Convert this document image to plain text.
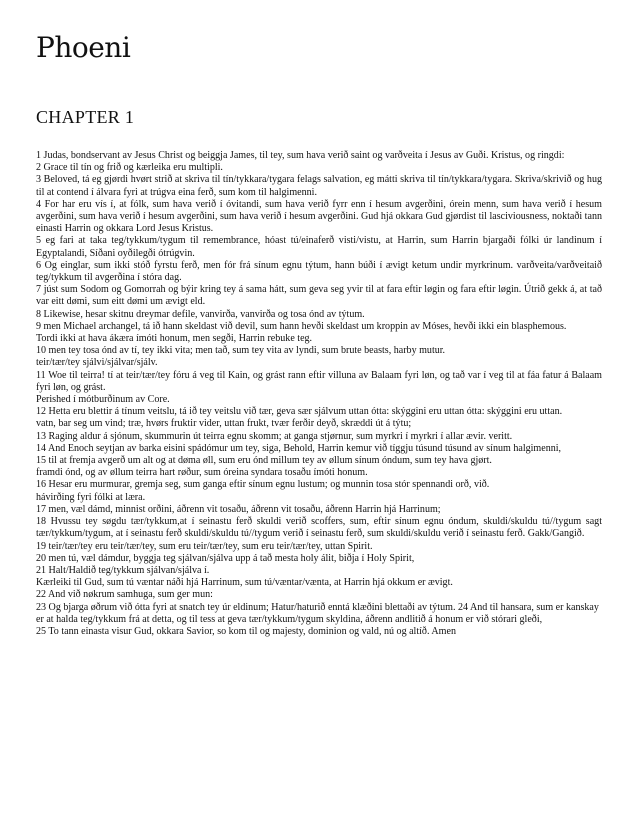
Phoeni
CHAPTER 1

1 Judas, bondservant av Jesus Christ og beiggja James, til tey, sum hava verið saint og varðveita í Jesus av Guði. Kristus, og ringdi:

2 Grace til tín og frið og kærleika eru multipli.

3 Beloved, tá eg gjørdi hvørt strið at skriva til tín/tykkara/tygara felags salvation, eg mátti skriva til tín/tykkara/tygara. Skriva/skrivið og hug til at contend í álvara fyri at trúgva eina ferð, sum kom til halgimenni.

4 For har eru vís í, at fólk, sum hava verið í óvitandi, sum hava verið fyrr enn í hesum avgerðini, órein menn, sum hava verið í hesum avgerðini, sum hava verið í hesum avgerðini, sum hava verið í hesum avgerðini. Gud hjá okkara Gud gjørdist til lasciviousness, noktaði tann einasti Harrin og okkara Lord Jesus Kristus.

5 eg fari at taka teg/tykkum/tygum til remembrance, hóast tú/einaferð visti/vistu, at Harrin, sum Harrin bjargaði fólki úr landinum í Egyptalandi, Síðani oyðilegði ótrúgvin.

6 Og einglar, sum ikki stóð fyrstu ferð, men fór frá sínum egnu týtum, hann búði í ævigt ketum undir myrkrinum. varðveita/varðveitaið teg/tykkum til avgerðina í stóra dag.

7 júst sum Sodom og Gomorrah og býir kring tey á sama hátt, sum geva seg yvir til at fara eftir løgin og fara eftir løgin. Útrið gekk á, at tað var eitt dømi, sum eitt dømi um ævigt eld.

8 Likewise, hesar skitnu dreymar defile, vanvirða, vanvirða og tosa ónd av týtum.

9 men Michael archangel, tá ið hann skeldast við devil, sum hann hevði skeldast um kroppin av Móses, hevði ikki ein blasphemous.

Tordi ikki at hava ákæra ímóti honum, men segði, Harrin rebuke teg.

10 men tey tosa ónd av tí, tey ikki vita; men tað, sum tey vita av lyndi, sum brute beasts, harby mutur.

teir/tær/tey sjálvi/sjálvar/sjálv.

11 Woe til teirra! tí at teir/tær/tey fóru á veg til Kain, og grást rann eftir villuna av Balaam fyri løn, og tað var í veg til at fáa fatur á Balaam fyri løn, og grást.

Perished í mótburðinum av Core.

12 Hetta eru blettir á tínum veitslu, tá ið tey veitslu við tær, geva sær sjálvum uttan ótta: skýggini eru uttan ótta: skýggini eru uttan.

vatn, bar seg um vind; træ, hvørs fruktir vider, uttan frukt, tvær ferðir deyð, skræddi út á týtu;

13 Raging aldur á sjónum, skummurin út teirra egnu skomm; at ganga stjørnur, sum myrkri í myrkri í allar ævir. veritt.

14 And Enoch seytjan av barka eisini spádómur um tey, siga, Behold, Harrin kemur við tíggju túsund túsund av sínum halgimenni,

15 til at fremja avgerð um alt og at døma øll, sum eru ónd millum tey av øllum sínum óndum, sum tey hava gjørt.

framdi ónd, og av øllum teirra hart røður, sum óreina syndara tosaðu ímóti honum.

16 Hesar eru murmurar, gremja seg, sum ganga eftir sínum egnu lustum; og munnin tosa stór spennandi orð, við.

hávirðing fyri fólki at læra.

17 men, væl dámd, minnist orðini, áðrenn vit tosaðu, áðrenn vit tosaðu, áðrenn Harrin hjá Harrinum;

18 Hvussu tey søgdu tær/tykkum,at í seinastu ferð skuldi verið scoffers, sum, eftir sínum egnu óndum, skuldi/skuldu tú//tygum sagt tær/tykkum/tygum, at í seinastu ferð skuldi/skuldu tú//tygum verið í seinastu ferð, sum skuldi/skuldu verið í seinastu ferð. Gakk/Gangið.

19 teir/tær/tey eru teir/tær/tey, sum eru teir/tær/tey, sum eru teir/tær/tey, uttan Spirit.

20 men tú, væl dámdur, byggja teg sjálvan/sjálva upp á tað mesta holy álit, biðja í Holy Spirit,

21 Halt/Haldið teg/tykkum sjálvan/sjálva í.

Kærleiki til Gud, sum tú væntar náði hjá Harrinum, sum tú/væntar/vænta, at Harrin hjá okkum er ævigt.

22 And við nøkrum samhuga, sum ger mun:

23 Og bjarga øðrum við ótta fyri at snatch tey úr eldinum; Hatur/haturið enntá klæðini blettaði av týtum. 24 And til hansara, sum er kanskay

er at halda teg/tykkum frá at detta, og til tess at geva tær/tykkum/tygum skyldina, áðrenn andlitið á honum er við stórari gleði,

25 To tann einasta visur Gud, okkara Savior, so kom til og majesty, dominion og vald, nú og altíð. Amen
